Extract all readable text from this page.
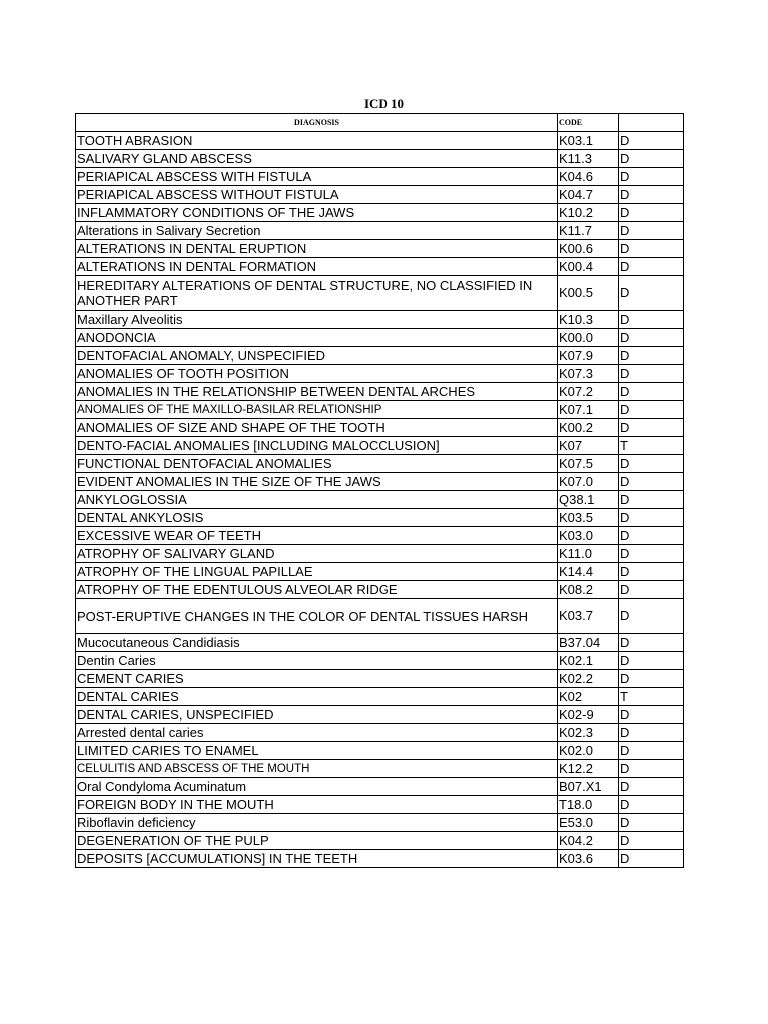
ICD 10
DIAGNOSIS	CODE	
TOOTH ABRASION	K03.1	D
SALIVARY GLAND ABSCESS	K11.3	D
PERIAPICAL ABSCESS WITH FISTULA	K04.6	D
PERIAPICAL ABSCESS WITHOUT FISTULA	K04.7	D
INFLAMMATORY CONDITIONS OF THE JAWS	K10.2	D
Alterations in Salivary Secretion	K11.7	D
ALTERATIONS IN DENTAL ERUPTION	K00.6	D
ALTERATIONS IN DENTAL FORMATION	K00.4	D
HEREDITARY ALTERATIONS OF DENTAL STRUCTURE, NO CLASSIFIED IN ANOTHER PART	K00.5	D
Maxillary Alveolitis	K10.3	D
ANODONCIA	K00.0	D
DENTOFACIAL ANOMALY, UNSPECIFIED	K07.9	D
ANOMALIES OF TOOTH POSITION	K07.3	D
ANOMALIES IN THE RELATIONSHIP BETWEEN DENTAL ARCHES	K07.2	D
ANOMALIES OF THE MAXILLO-BASILAR RELATIONSHIP	K07.1	D
ANOMALIES OF SIZE AND SHAPE OF THE TOOTH	K00.2	D
DENTO-FACIAL ANOMALIES [INCLUDING MALOCCLUSION]	K07	T
FUNCTIONAL DENTOFACIAL ANOMALIES	K07.5	D
EVIDENT ANOMALIES IN THE SIZE OF THE JAWS	K07.0	D
ANKYLOGLOSSIA	Q38.1	D
DENTAL ANKYLOSIS	K03.5	D
EXCESSIVE WEAR OF TEETH	K03.0	D
ATROPHY OF SALIVARY GLAND	K11.0	D
ATROPHY OF THE LINGUAL PAPILLAE	K14.4	D
ATROPHY OF THE EDENTULOUS ALVEOLAR RIDGE	K08.2	D
POST-ERUPTIVE CHANGES IN THE COLOR OF DENTAL TISSUES HARSH	K03.7	D
Mucocutaneous Candidiasis	B37.04	D
Dentin Caries	K02.1	D
CEMENT CARIES	K02.2	D
DENTAL CARIES	K02	T
DENTAL CARIES, UNSPECIFIED	K02-9	D
Arrested dental caries	K02.3	D
LIMITED CARIES TO ENAMEL	K02.0	D
CELULITIS AND ABSCESS OF THE MOUTH	K12.2	D
Oral Condyloma Acuminatum	B07.X1	D
FOREIGN BODY IN THE MOUTH	T18.0	D
Riboflavin deficiency	E53.0	D
DEGENERATION OF THE PULP	K04.2	D
DEPOSITS [ACCUMULATIONS] IN THE TEETH	K03.6	D
